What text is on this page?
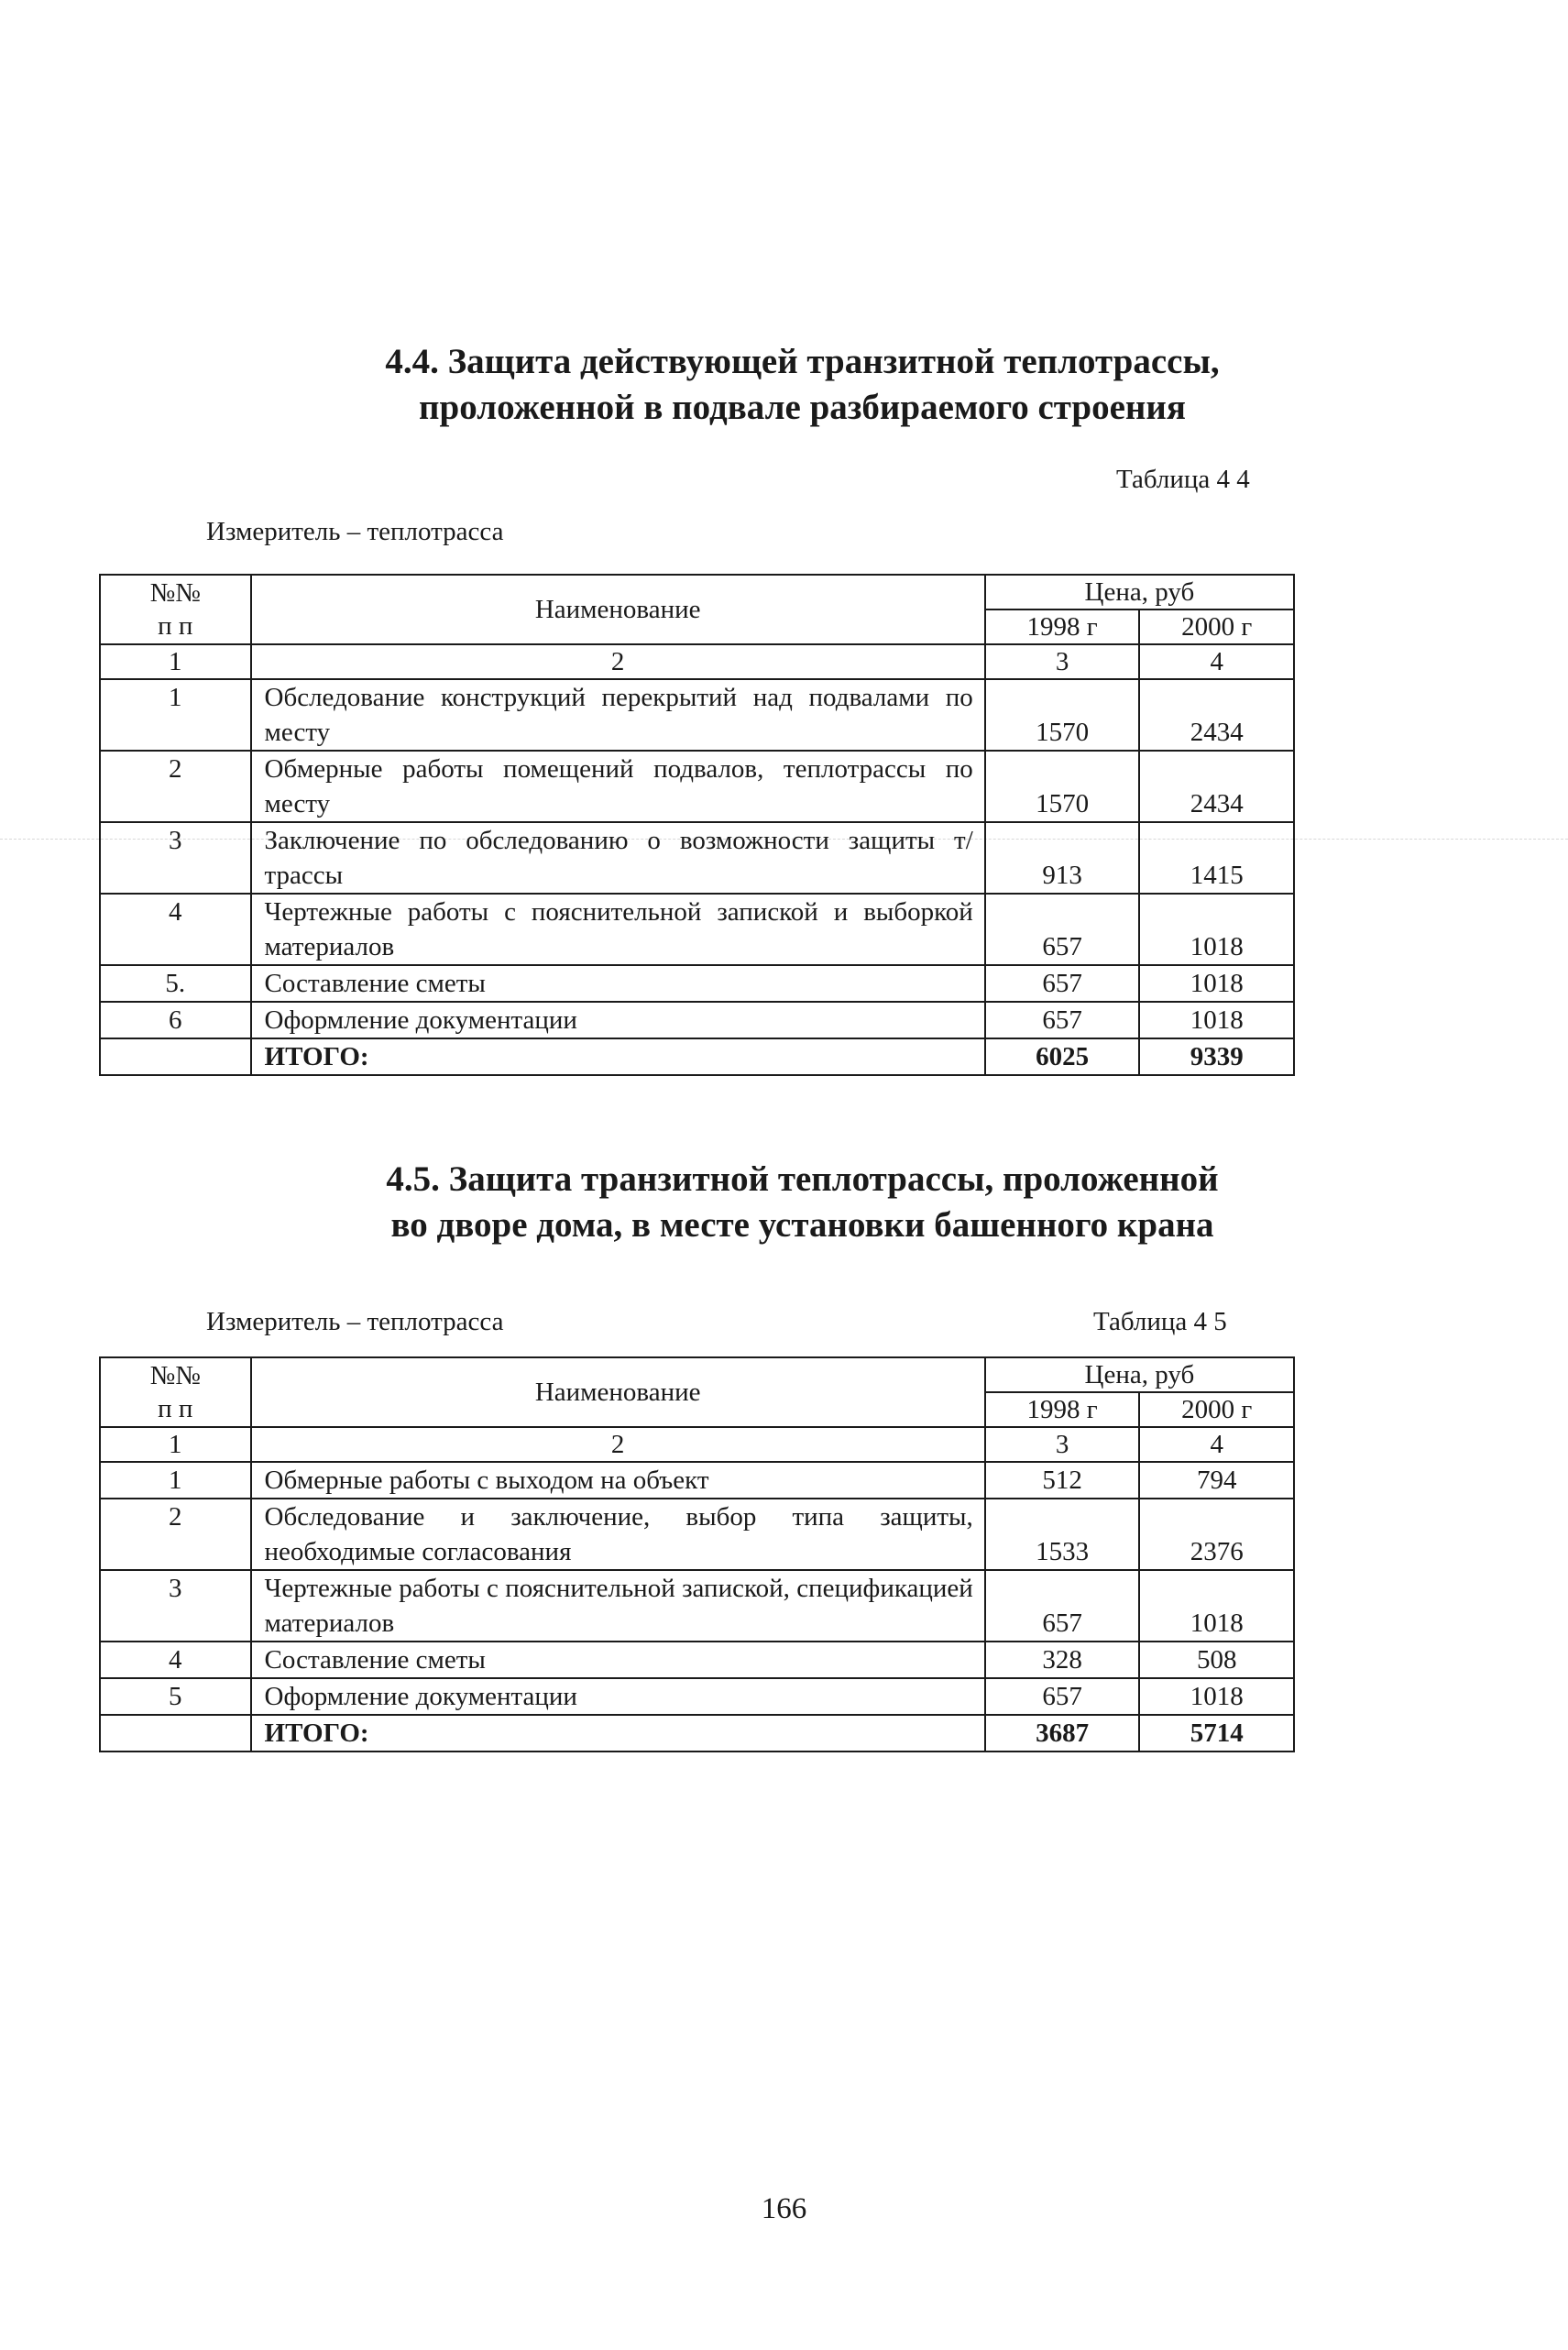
4.4. Защита действующей транзитной теплотрассы,
проложенной в подвале разбираемого строения
Таблица 4 4
Измеритель – теплотрасса
№№
п п	Наименование	Цена, руб	
		1998 г	2000 г
1	2	3	4
1	Обследование конструкций перекрытий над подвалами по месту	1570	2434
2	Обмерные работы помещений подвалов, теплотрассы по месту	1570	2434
3	Заключение по обследованию о возможности защиты т/трассы	913	1415
4	Чертежные работы с пояснительной запиской и выборкой материалов	657	1018
5.	Составление сметы	657	1018
6	Оформление документации	657	1018
	ИТОГО:	6025	9339
4.5. Защита транзитной теплотрассы, проложенной
во дворе дома, в месте установки башенного крана
Измеритель – теплотрасса	Таблица 4 5
№№
п п	Наименование	Цена, руб	
		1998 г	2000 г
1	2	3	4
1	Обмерные работы с выходом на объект	512	794
2	Обследование и заключение, выбор типа защиты, необходимые согласования	1533	2376
3	Чертежные работы с пояснительной запиской, спецификацией материалов	657	1018
4	Составление сметы	328	508
5	Оформление документации	657	1018
	ИТОГО:	3687	5714
166
